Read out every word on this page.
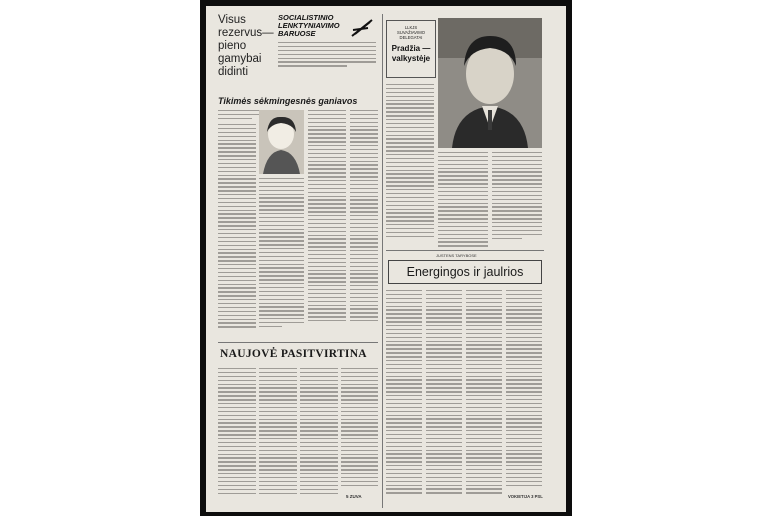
Visus
rezervus—
pieno
gamybai
didinti
SOCIALISTINIO
LENKTYNIAVIMO
BARUOSE
Tikimės sėkmingesnės ganiavos
NAUJOVĖ PASITVIRTINA
5 ZUVA
LLKJS
SUVAŽIAVIMO
DELEGATAI
Pradžia —
valkystėje
JUSTENS TARYBOSE
Energingos ir jaulrios
VOKIETIJA 3 PSL
